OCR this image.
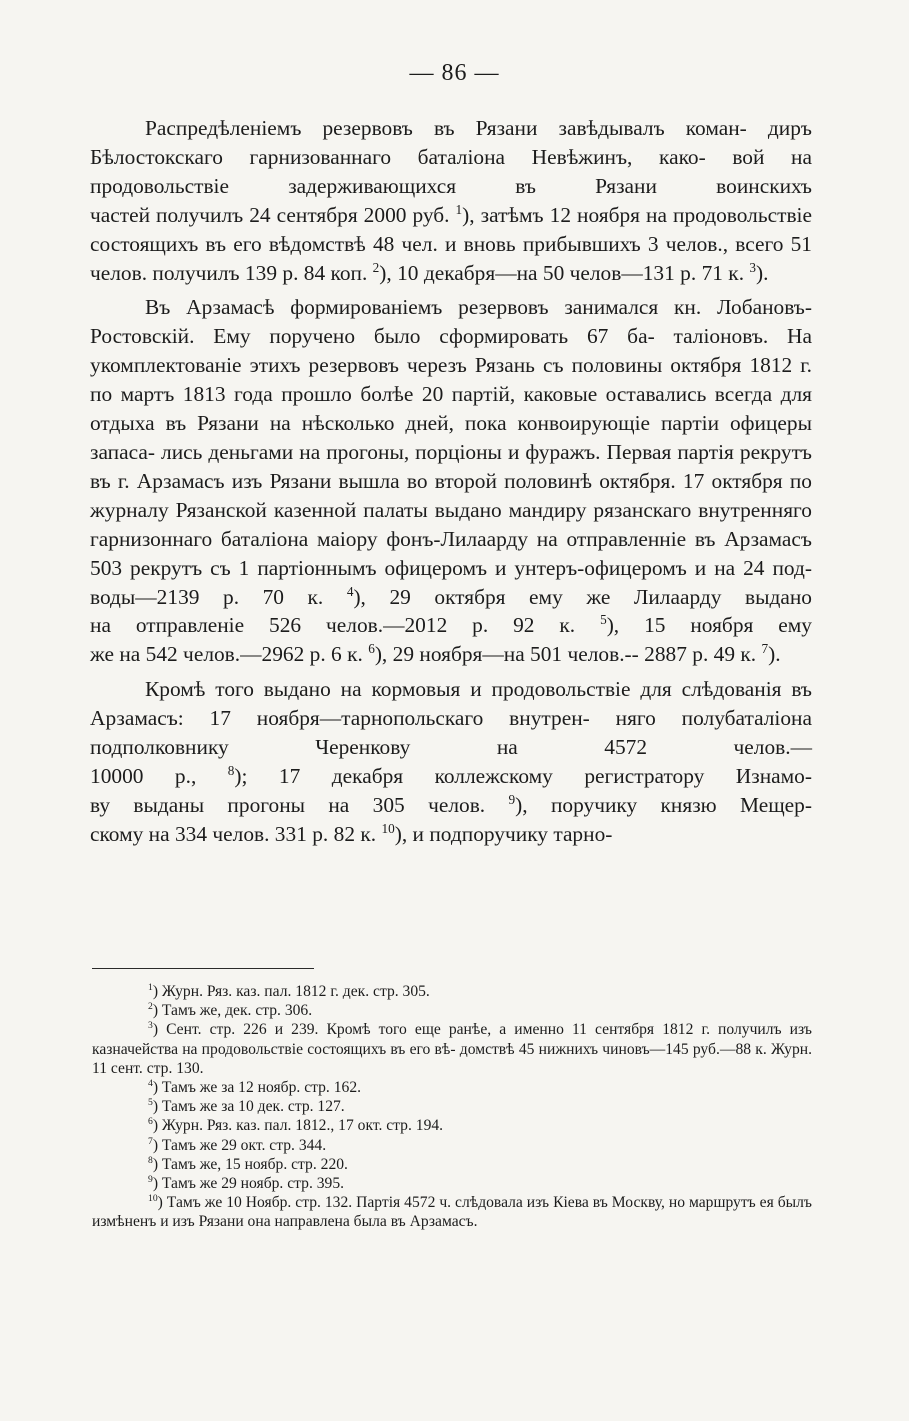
— 86 —

Распредѣленіемъ резервовъ въ Рязани завѣдывалъ коман- диръ Бѣлостокскаго гарнизованнаго баталіона Невѣжинъ, како- вой на продовольствіе задерживающихся въ Рязани воинскихъ частей получилъ 24 сентября 2000 руб. $^1$), затѣмъ 12 ноября на продовольствіе состоящихъ въ его вѣдомствѣ 48 чел. и вновь прибывшихъ 3 челов., всего 51 челов. получилъ 139 р. 84 коп. $^2$), 10 декабря—на 50 челов—131 р. 71 к. $^3$).

Въ Арзамасѣ формированіемъ резервовъ занимался кн. Лобановъ-Ростовскій. Ему поручено было сформировать 67 ба- таліоновъ. На укомплектованіе этихъ резервовъ черезъ Рязань съ половины октября 1812 г. по мартъ 1813 года прошло болѣе 20 партій, каковые оставались всегда для отдыха въ Рязани на нѣсколько дней, пока конвоирующіе партіи офицеры запаса- лись деньгами на прогоны, порціоны и фуражъ. Первая партія рекрутъ въ г. Арзамасъ изъ Рязани вышла во второй половинѣ октября. 17 октября по журналу Рязанской казенной палаты выдано мандиру рязанскаго внутренняго гарнизоннаго баталіона маіору фонъ-Лилаарду на отправленніе въ Арзамасъ 503 рекрутъ съ 1 партіоннымъ офицеромъ и унтеръ-офицеромъ и на 24 под- воды—2139 р. 70 к. $^4$), 29 октября ему же Лилаарду выдано на отправленіе 526 челов.—2012 р. 92 к. $^5$), 15 ноября ему же на 542 челов.—2962 р. 6 к. $^6$), 29 ноября—на 501 челов.-- 2887 р. 49 к. $^7$).

Кромѣ того выдано на кормовыя и продовольствіе для слѣдованія въ Арзамасъ: 17 ноября—тарнопольскаго внутрен- няго полубаталіона подполковнику Черенкову на 4572 челов.— 10000 р., $^8$); 17 декабря коллежскому регистратору Изнамо- ву выданы прогоны на 305 челов. $^9$), поручику князю Мещер- скому на 334 челов. 331 р. 82 к. $^{10}$), и подпоручику тарно-

$^1$) Журн. Ряз. каз. пал. 1812 г. дек. стр. 305.
$^2$) Тамъ же, дек. стр. 306.
$^3$) Сент. стр. 226 и 239. Кромѣ того еще ранѣе, а именно 11 сентября 1812 г. получилъ изъ казначейства на продовольствіе состоящихъ въ его вѣ- домствѣ 45 нижнихъ чиновъ—145 руб.—88 к. Журн. 11 сент. стр. 130.
$^4$) Тамъ же за 12 ноябр. стр. 162.
$^5$) Тамъ же за 10 дек. стр. 127.
$^6$) Журн. Ряз. каз. пал. 1812., 17 окт. стр. 194.
$^7$) Тамъ же 29 окт. стр. 344.
$^8$) Тамъ же, 15 ноябр. стр. 220.
$^9$) Тамъ же 29 ноябр. стр. 395.
$^{10}$) Тамъ же 10 Ноябр. стр. 132. Партія 4572 ч. слѣдовала изъ Кіева въ Москву, но маршрутъ ея былъ измѣненъ и изъ Рязани она направлена была въ Арзамасъ.
